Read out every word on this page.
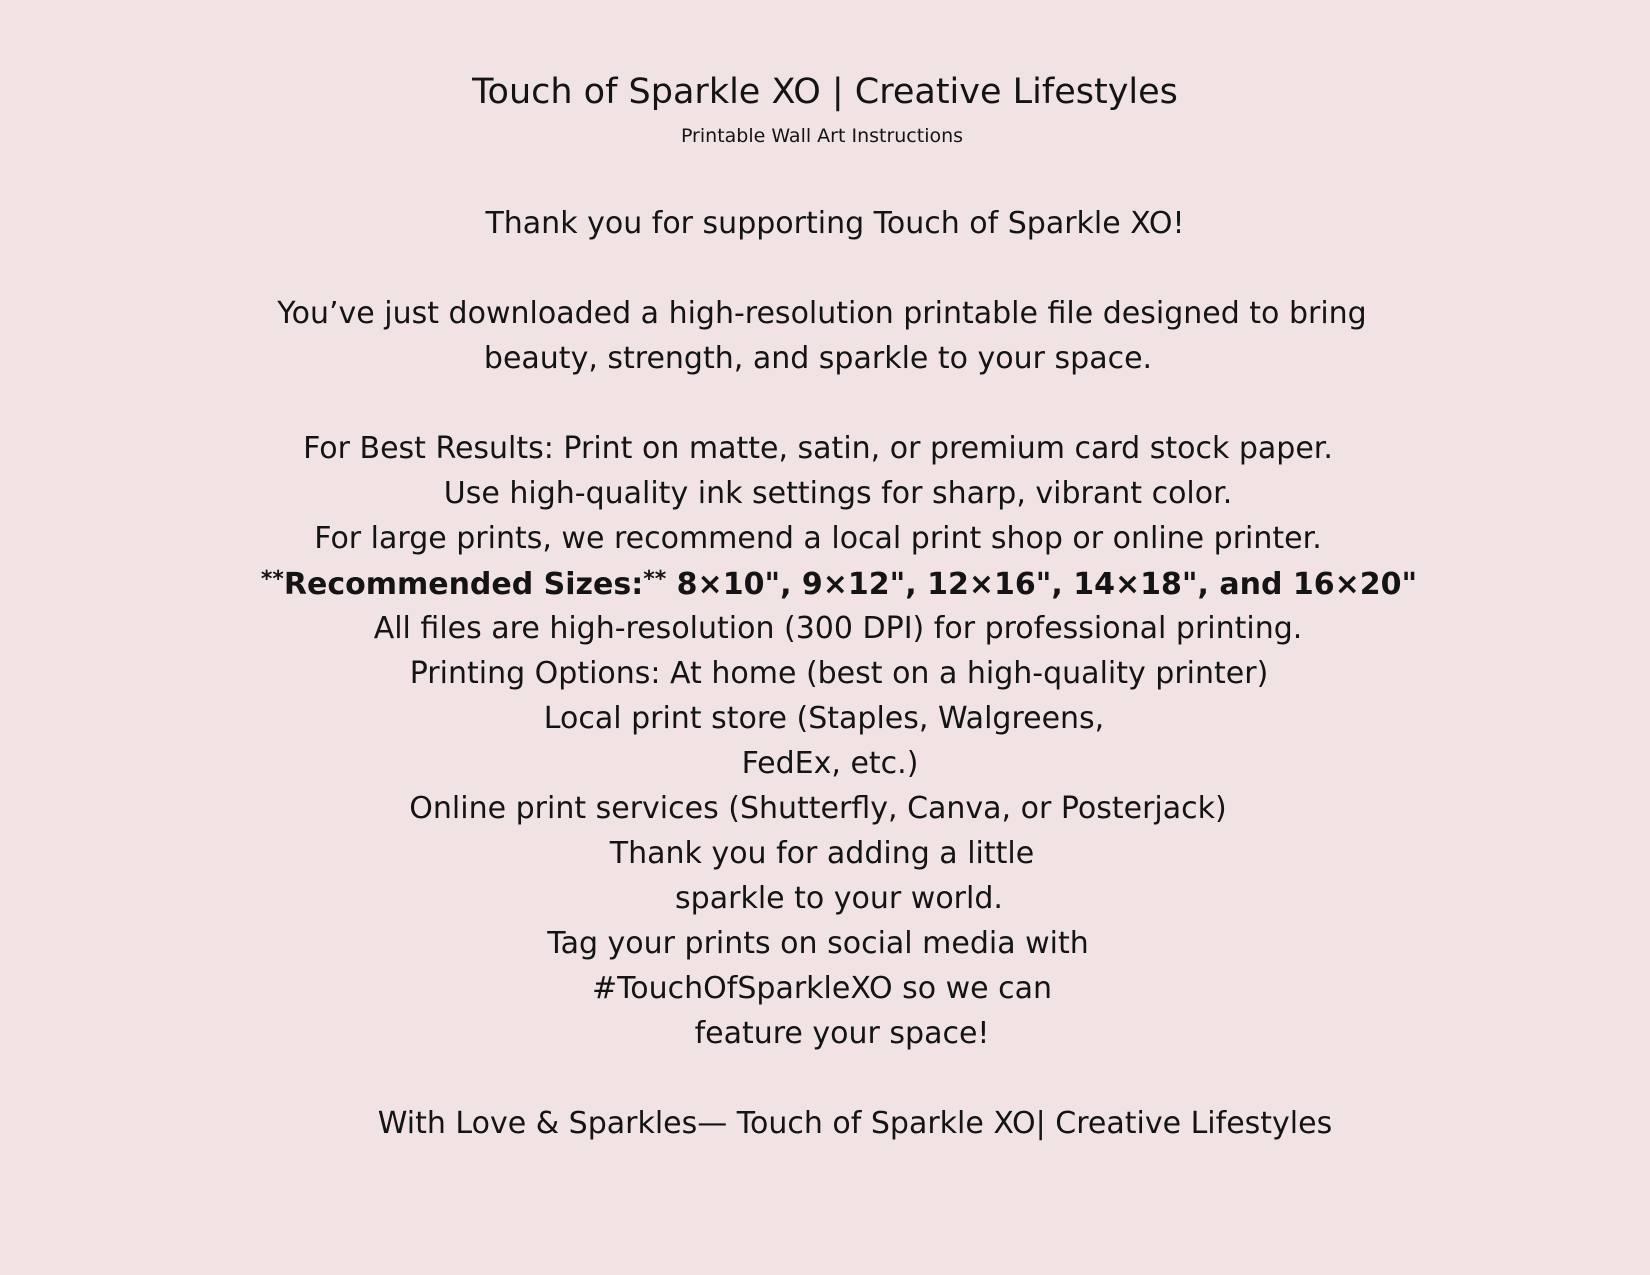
Touch of Sparkle XO | Creative Lifestyles
Printable Wall Art Instructions
Thank you for supporting Touch of Sparkle XO!
You’ve just downloaded a high-resolution printable file designed to bring
beauty, strength, and sparkle to your space.
For Best Results: Print on matte, satin, or premium card stock paper.
Use high-quality ink settings for sharp, vibrant color.
For large prints, we recommend a local print shop or online printer.
**Recommended Sizes:** 8×10", 9×12", 12×16", 14×18", and 16×20"
All files are high-resolution (300 DPI) for professional printing.
Printing Options: At home (best on a high-quality printer)
Local print store (Staples, Walgreens,
FedEx, etc.)
Online print services (Shutterfly, Canva, or Posterjack)
Thank you for adding a little
sparkle to your world.
Tag your prints on social media with
#TouchOfSparkleXO so we can
feature your space!
With Love & Sparkles— Touch of Sparkle XO| Creative Lifestyles
